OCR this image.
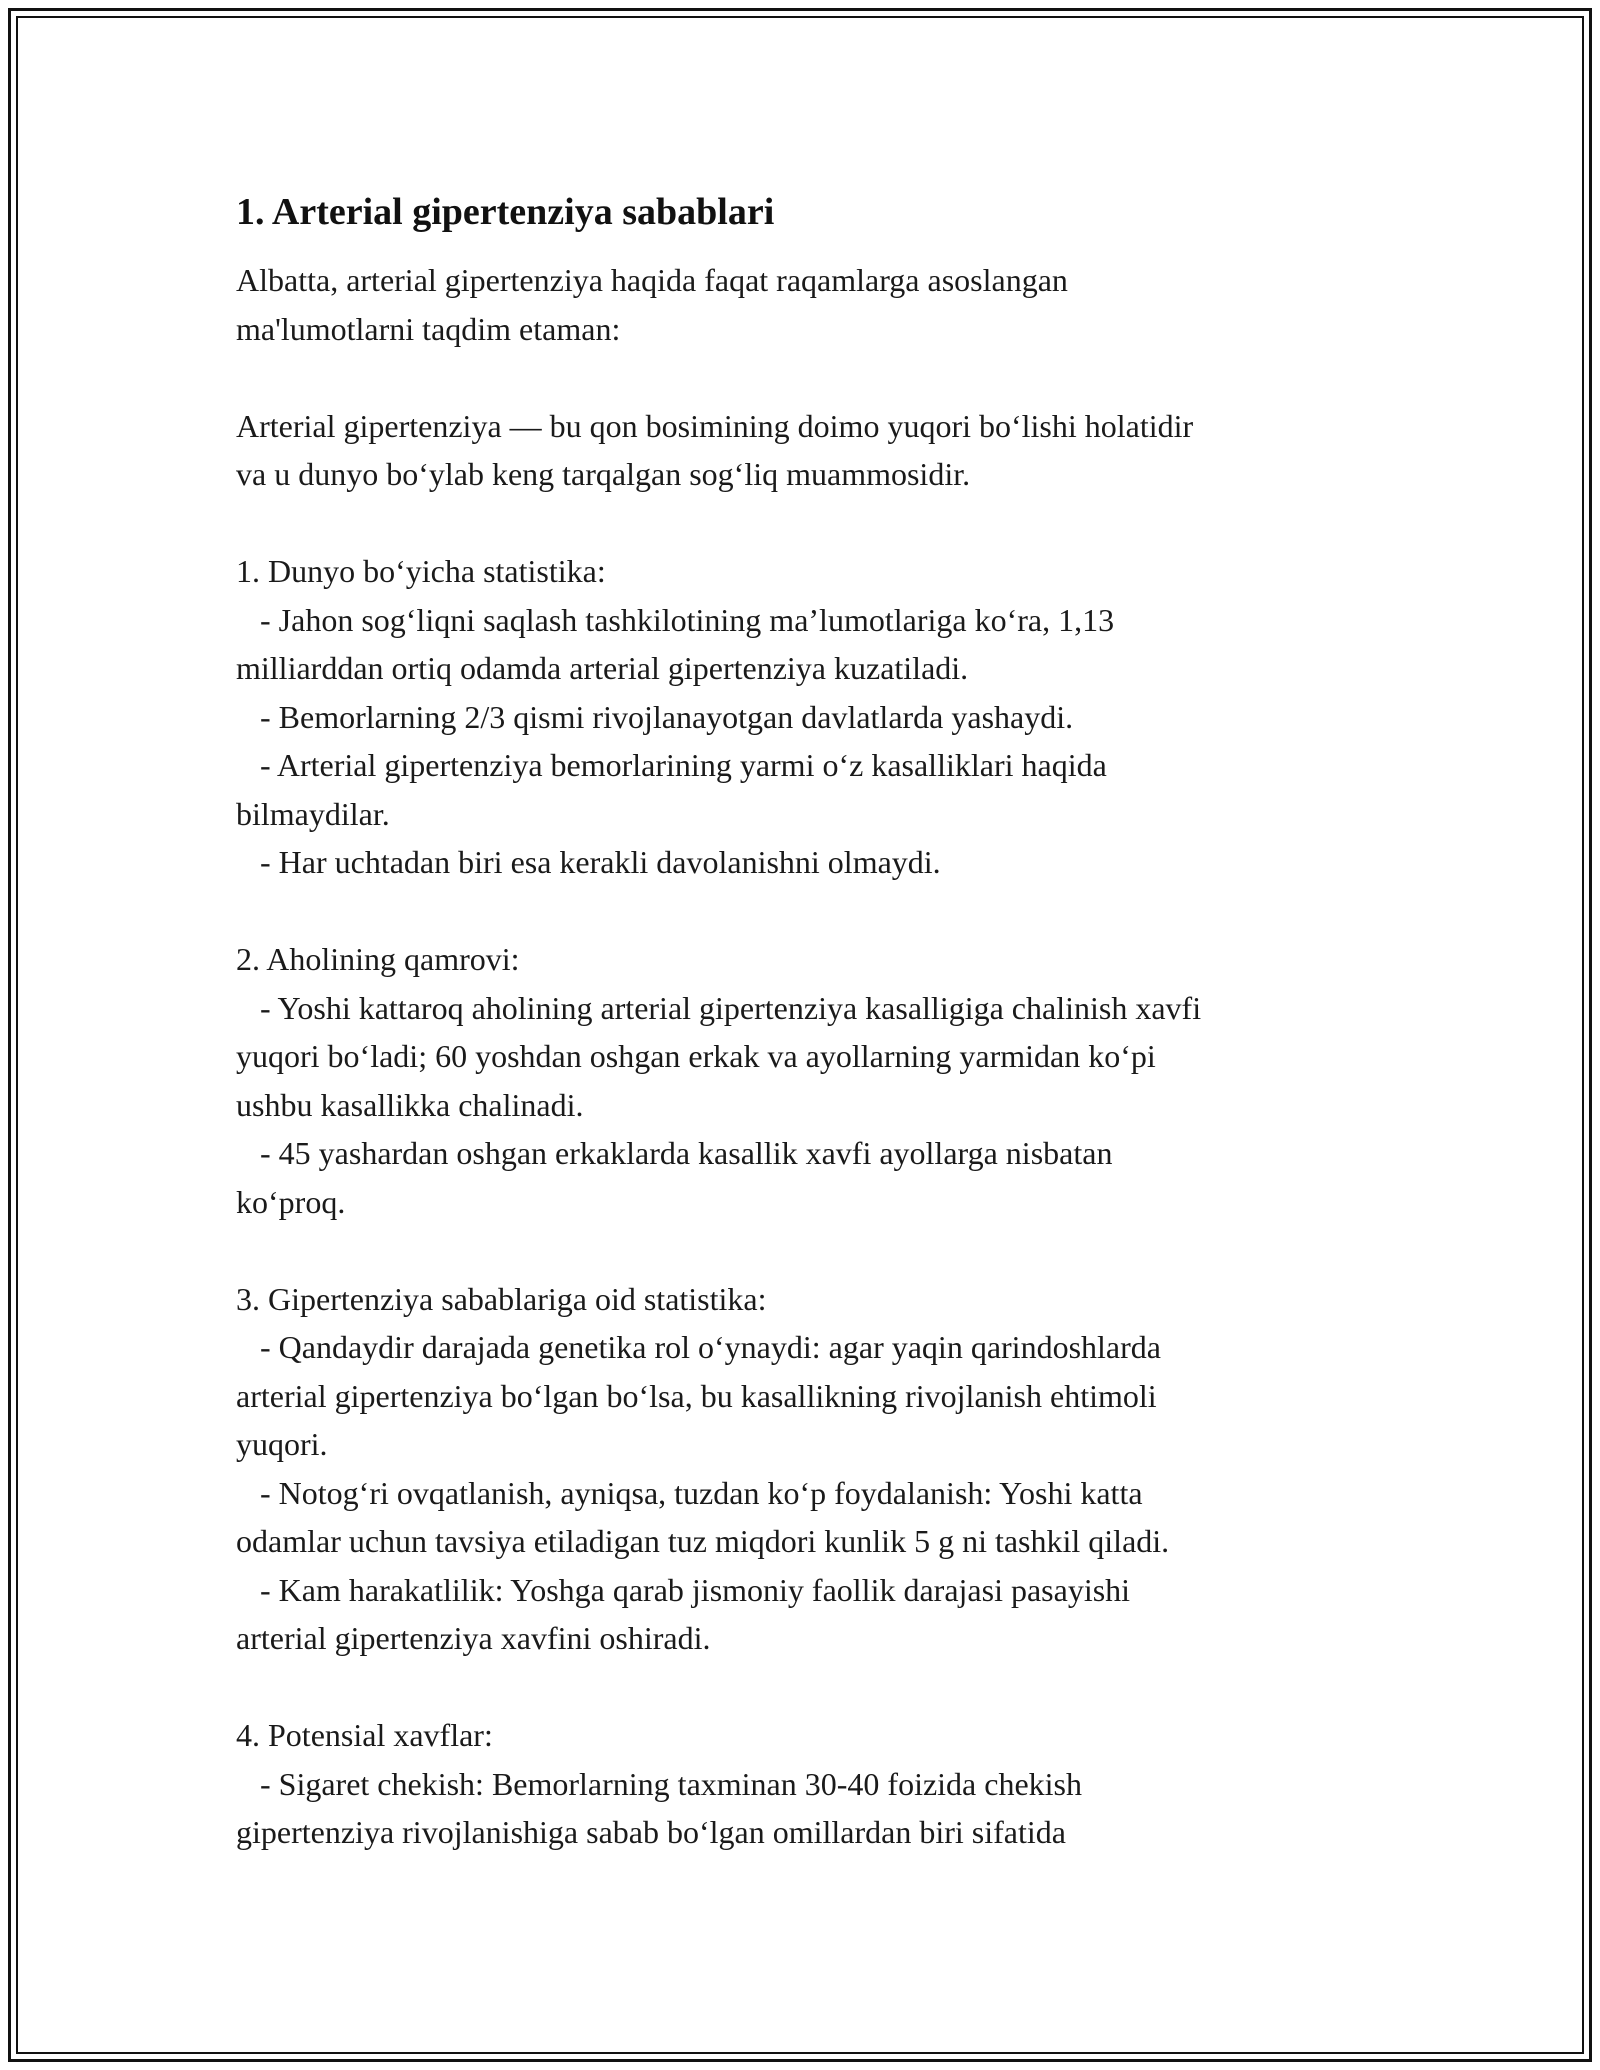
1. Arterial gipertenziya sabablari
Albatta, arterial gipertenziya haqida faqat raqamlarga asoslangan
ma'lumotlarni taqdim etaman:
Arterial gipertenziya — bu qon bosimining doimo yuqori boʻlishi holatidir
va u dunyo boʻylab keng tarqalgan sogʻliq muammosidir.
1. Dunyo boʻyicha statistika:
- Jahon sogʻliqni saqlash tashkilotining maʼlumotlariga koʻra, 1,13
milliarddan ortiq odamda arterial gipertenziya kuzatiladi.
- Bemorlarning 2/3 qismi rivojlanayotgan davlatlarda yashaydi.
- Arterial gipertenziya bemorlarining yarmi oʻz kasalliklari haqida
bilmaydilar.
- Har uchtadan biri esa kerakli davolanishni olmaydi.
2. Aholining qamrovi:
- Yoshi kattaroq aholining arterial gipertenziya kasalligiga chalinish xavfi
yuqori boʻladi; 60 yoshdan oshgan erkak va ayollarning yarmidan koʻpi
ushbu kasallikka chalinadi.
- 45 yashardan oshgan erkaklarda kasallik xavfi ayollarga nisbatan
koʻproq.
3. Gipertenziya sabablariga oid statistika:
- Qandaydir darajada genetika rol oʻynaydi: agar yaqin qarindoshlarda
arterial gipertenziya boʻlgan boʻlsa, bu kasallikning rivojlanish ehtimoli
yuqori.
- Notogʻri ovqatlanish, ayniqsa, tuzdan koʻp foydalanish: Yoshi katta
odamlar uchun tavsiya etiladigan tuz miqdori kunlik 5 g ni tashkil qiladi.
- Kam harakatlilik: Yoshga qarab jismoniy faollik darajasi pasayishi
arterial gipertenziya xavfini oshiradi.
4. Potensial xavflar:
- Sigaret chekish: Bemorlarning taxminan 30-40 foizida chekish
gipertenziya rivojlanishiga sabab boʻlgan omillardan biri sifatida
